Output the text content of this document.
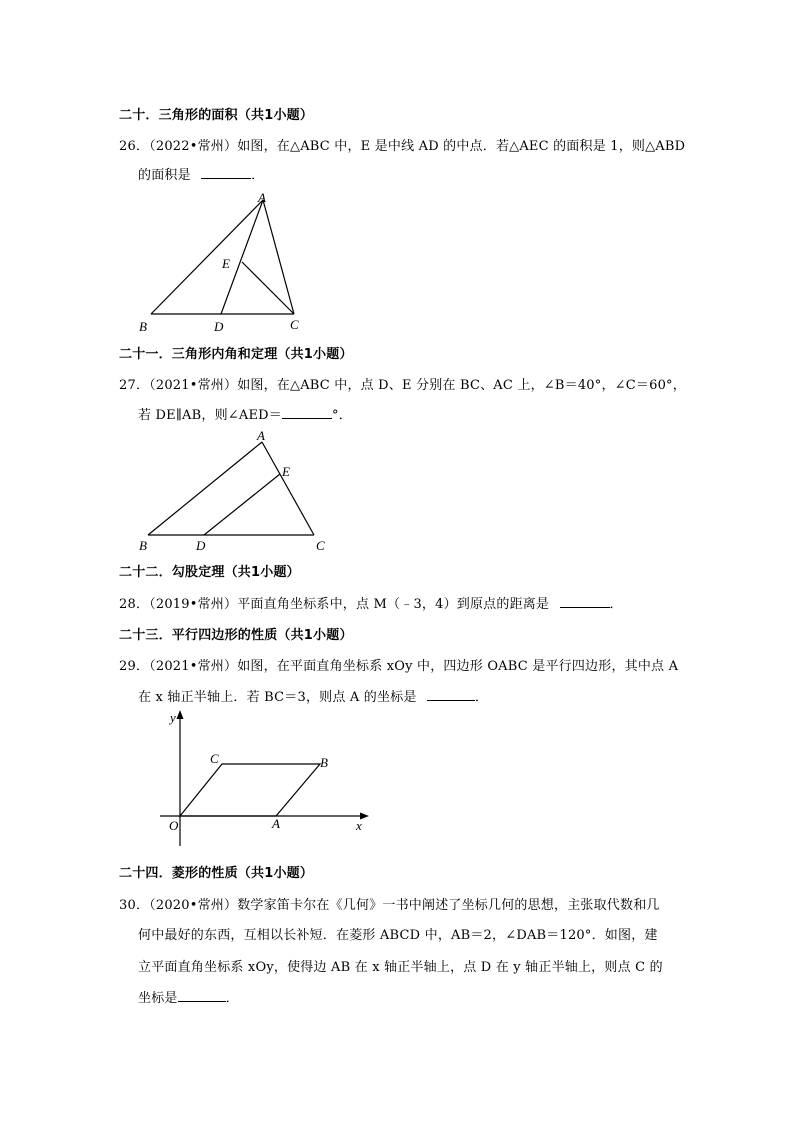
二十．三角形的面积（共1小题）
26．（2022•常州）如图，在△ABC 中，E 是中线 AD 的中点．若△AEC 的面积是 1，则△ABD
的面积是	．
A
B	C
D
E
二十一．三角形内角和定理（共1小题）
27．（2021•常州）如图，在△ABC 中，点 D、E 分别在 BC、AC 上，∠B＝40°，∠C＝60°，
若 DE∥AB，则∠AED＝	°．
A
B	C
D
E
二十二．勾股定理（共1小题）
28．（2019•常州）平面直角坐标系中，点 M（﹣3，4）到原点的距离是	．
二十三．平行四边形的性质（共1小题）
29．（2021•常州）如图，在平面直角坐标系 xOy 中，四边形 OABC 是平行四边形，其中点 A
在 x 轴正半轴上．若 BC＝3，则点 A 的坐标是	．
y
x
O	A
B
C
二十四．菱形的性质（共1小题）
30．（2020•常州）数学家笛卡尔在《几何》一书中阐述了坐标几何的思想，主张取代数和几
何中最好的东西，互相以长补短．在菱形 ABCD 中，AB＝2，∠DAB＝120°．如图，建
立平面直角坐标系 xOy，使得边 AB 在 x 轴正半轴上，点 D 在 y 轴正半轴上，则点 C 的
坐标是	．
